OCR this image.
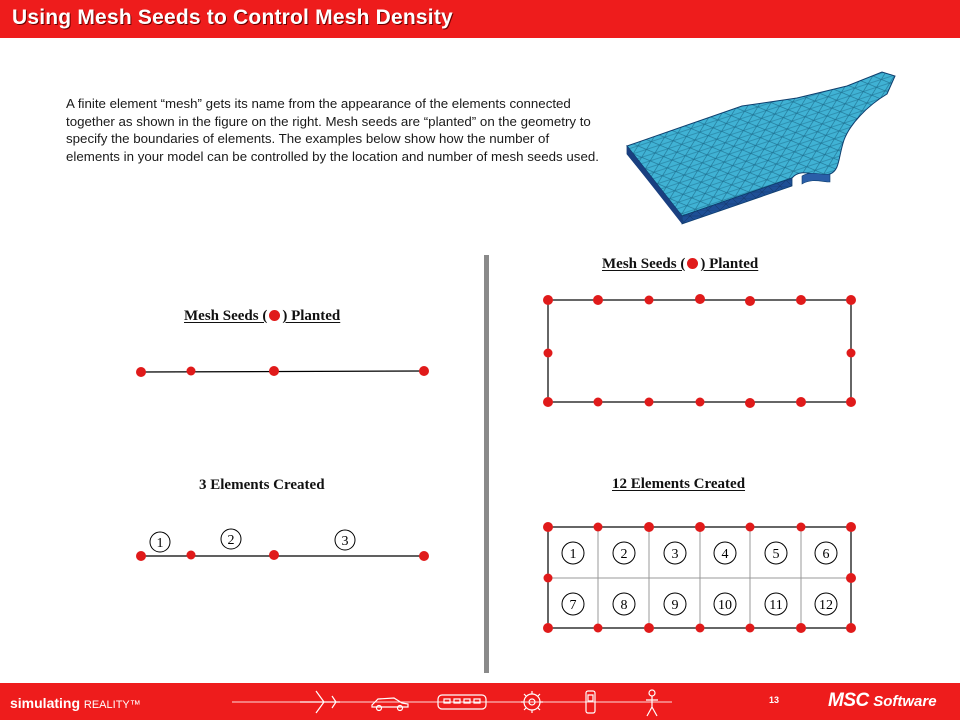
Using Mesh Seeds to Control Mesh Density

A finite element “mesh” gets its name from the appearance of the elements connected together as shown in the figure on the right. Mesh seeds are “planted” on the geometry to specify the boundaries of elements. The examples below show how the number of elements in your model can be controlled by the location and number of mesh seeds used.

Mesh Seeds ( ) Planted
3 Elements Created
1	2	3
Mesh Seeds ( ) Planted
12 Elements Created
1	2	3	4	5	6
7	8	9	10	11	12
simulating REALITY™	13	MSC Software
